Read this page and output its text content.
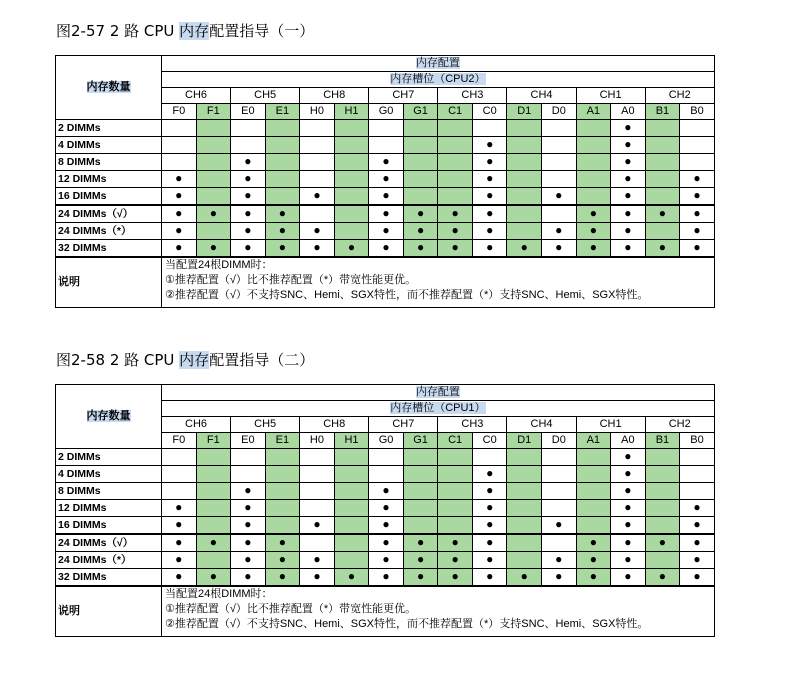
图2-57 2 路 CPU 内存配置指导（一）
内存数量	内存配置															
	内存槽位（CPU2）															
	CH6		CH5		CH8		CH7		CH3		CH4		CH1		CH2	
	F0	F1	E0	E1	H0	H1	G0	G1	C1	C0	D1	D0	A1	A0	B1	B0
2 DIMMs														●		
4 DIMMs										●				●		
8 DIMMs			●				●			●				●		
12 DIMMs	●		●				●			●				●		●
16 DIMMs	●		●		●		●			●		●		●		●
24 DIMMs（√）	●	●	●	●			●	●	●	●			●	●	●	●
24 DIMMs（*）	●		●	●	●		●	●	●	●		●	●	●		●
32 DIMMs	●	●	●	●	●	●	●	●	●	●	●	●	●	●	●	●
说明	当配置24根DIMM时：
①推荐配置（√）比不推荐配置（*）带宽性能更优。
②推荐配置（√）不支持SNC、Hemi、SGX特性，而不推荐配置（*）支持SNC、Hemi、SGX特性。															
图2-58 2 路 CPU 内存配置指导（二）
内存数量	内存配置															
	内存槽位（CPU1）															
	CH6		CH5		CH8		CH7		CH3		CH4		CH1		CH2	
	F0	F1	E0	E1	H0	H1	G0	G1	C1	C0	D1	D0	A1	A0	B1	B0
2 DIMMs														●		
4 DIMMs										●				●		
8 DIMMs			●				●			●				●		
12 DIMMs	●		●				●			●				●		●
16 DIMMs	●		●		●		●			●		●		●		●
24 DIMMs（√）	●	●	●	●			●	●	●	●			●	●	●	●
24 DIMMs（*）	●		●	●	●		●	●	●	●		●	●	●		●
32 DIMMs	●	●	●	●	●	●	●	●	●	●	●	●	●	●	●	●
说明	当配置24根DIMM时：
①推荐配置（√）比不推荐配置（*）带宽性能更优。
②推荐配置（√）不支持SNC、Hemi、SGX特性，而不推荐配置（*）支持SNC、Hemi、SGX特性。															
